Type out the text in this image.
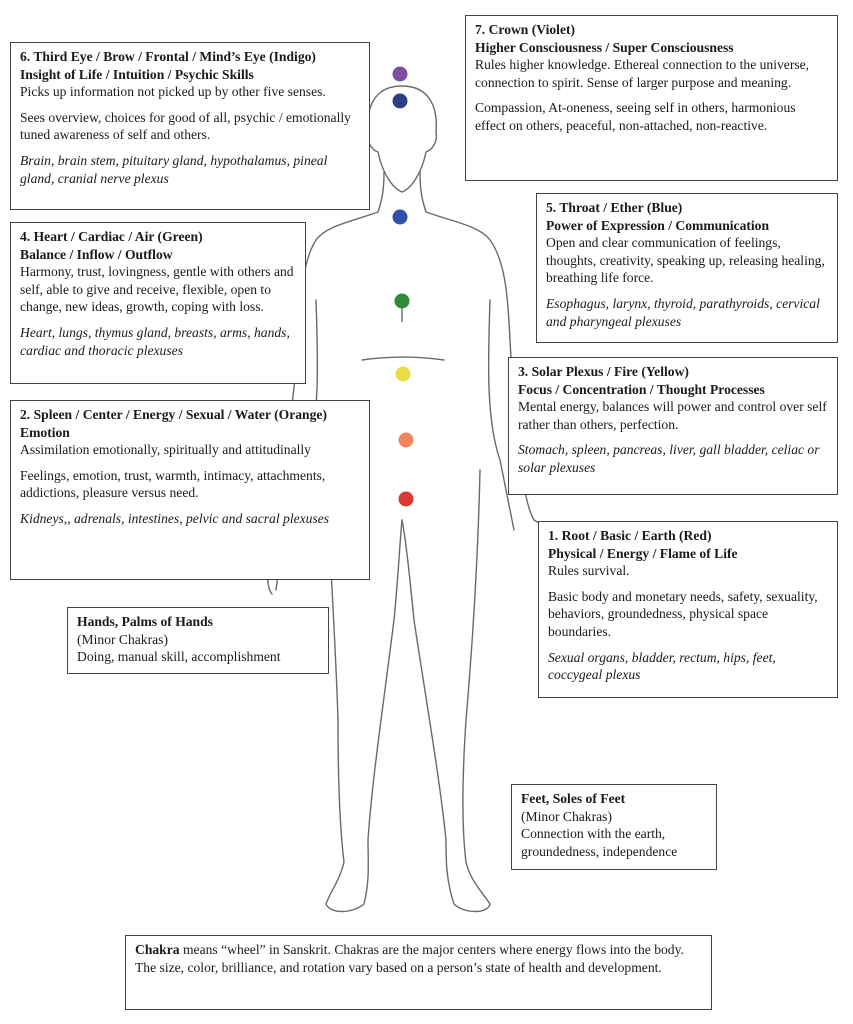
6. Third Eye / Brow / Frontal / Mind’s Eye (Indigo)
Insight of Life / Intuition / Psychic Skills
Picks up information not picked up by other five senses.
Sees overview, choices for good of all, psychic / emotionally tuned awareness of self and others.
Brain, brain stem, pituitary gland, hypothalamus, pineal gland, cranial nerve plexus
7. Crown (Violet)
Higher Consciousness / Super Consciousness
Rules higher knowledge. Ethereal connection to the universe, connection to spirit. Sense of larger purpose and meaning.
Compassion, At-oneness, seeing self in others, harmonious effect on others, peaceful, non-attached, non-reactive.
4. Heart / Cardiac / Air (Green)
Balance / Inflow / Outflow
Harmony, trust, lovingness, gentle with others and self, able to give and receive, flexible, open to change, new ideas, growth, coping with loss.
Heart, lungs, thymus gland, breasts, arms, hands, cardiac and thoracic plexuses
5. Throat / Ether (Blue)
Power of Expression / Communication
Open and clear communication of feelings, thoughts, creativity, speaking up, releasing healing, breathing life force.
Esophagus, larynx, thyroid, parathyroids, cervical and pharyngeal plexuses
3. Solar Plexus / Fire (Yellow)
Focus / Concentration / Thought Processes
Mental energy, balances will power and control over self rather than others, perfection.
Stomach, spleen, pancreas, liver, gall bladder, celiac or solar plexuses
2. Spleen / Center / Energy / Sexual / Water (Orange)
Emotion
Assimilation emotionally, spiritually and attitudinally
Feelings, emotion, trust, warmth, intimacy, attachments, addictions, pleasure versus need.
Kidneys,, adrenals, intestines, pelvic and sacral plexuses
1. Root / Basic / Earth (Red)
Physical / Energy / Flame of Life
Rules survival.
Basic body and monetary needs, safety, sexuality, behaviors, groundedness, physical space boundaries.
Sexual organs, bladder, rectum, hips, feet, coccygeal plexus
Hands, Palms of Hands
(Minor Chakras)
Doing, manual skill, accomplishment
Feet, Soles of Feet
(Minor Chakras)
Connection with the earth, groundedness, independence
Chakra means “wheel” in Sanskrit. Chakras are the major centers where energy flows into the body. The size, color, brilliance, and rotation vary based on a person’s state of health and development.
